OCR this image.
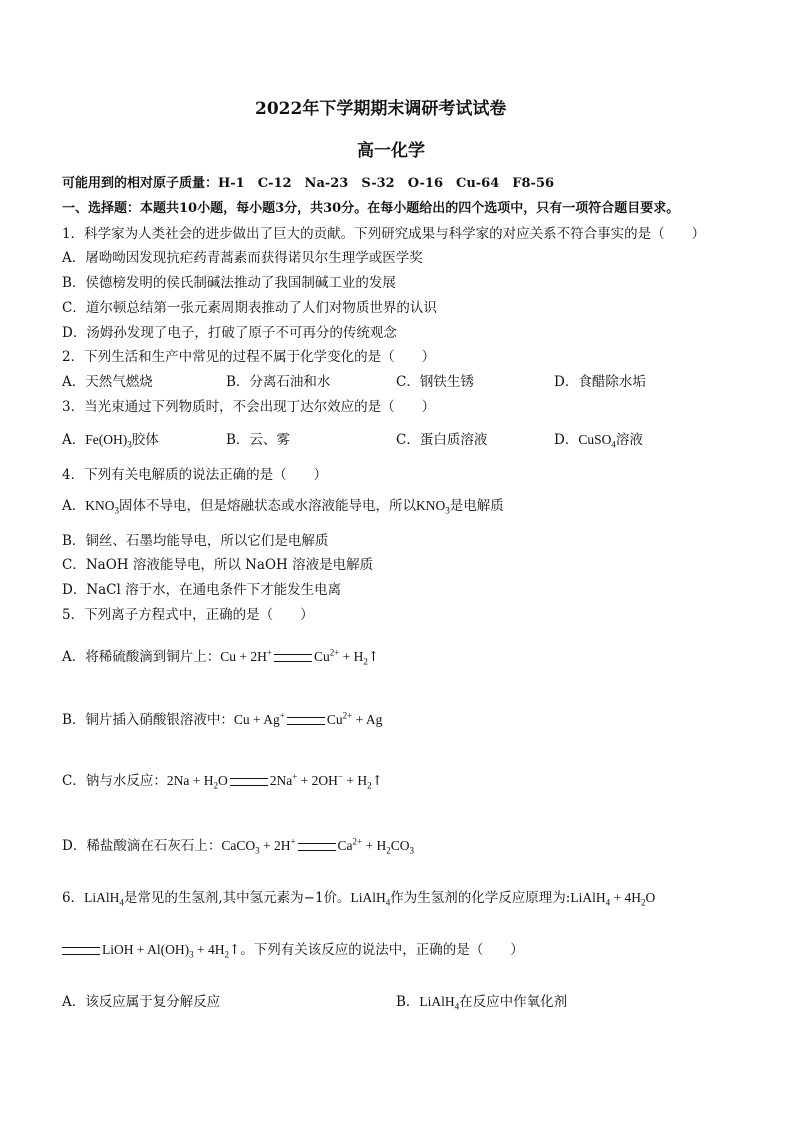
2022年下学期期末调研考试试卷
高一化学
可能用到的相对原子质量：H-1　C-12　Na-23　S-32　O-16　Cu-64　F8-56
一、选择题：本题共10小题，每小题3分，共30分。在每小题给出的四个选项中，只有一项符合题目要求。
1．科学家为人类社会的进步做出了巨大的贡献。下列研究成果与科学家的对应关系不符合事实的是（　　）
A．屠呦呦因发现抗疟药青蒿素而获得诺贝尔生理学或医学奖
B．侯德榜发明的侯氏制碱法推动了我国制碱工业的发展
C．道尔顿总结第一张元素周期表推动了人们对物质世界的认识
D．汤姆孙发现了电子，打破了原子不可再分的传统观念
2．下列生活和生产中常见的过程不属于化学变化的是（　　）
A．天然气燃烧	B．分离石油和水	C．钢铁生锈	D．食醋除水垢
3．当光束通过下列物质时，不会出现丁达尔效应的是（　　）
A．$Fe(OH)_3$胶体	B．云、雾	C．蛋白质溶液	D．CuSO$_4$溶液
4．下列有关电解质的说法正确的是（　　）
A．$KNO_3$固体不导电，但是熔融状态或水溶液能导电，所以$KNO_3$是电解质
B．铜丝、石墨均能导电，所以它们是电解质
C．NaOH 溶液能导电，所以 NaOH 溶液是电解质
D．NaCl 溶于水，在通电条件下才能发生电离
5．下列离子方程式中，正确的是（　　）
A．将稀硫酸滴到铜片上：Cu + 2H+	$Cu^{2+}$ + $H_2↑$
B．铜片插入硝酸银溶液中：Cu + Ag+	$Cu^{2+} + Ag$
C．钠与水反应：$2Na + H_2O$	$2Na^+ + 2OH^- + H_2↑$
D．稀盐酸滴在石灰石上：CaCO$_3$ + 2H+	$Ca^{2+} + H_2CO_3$
6．LiAlH$_4$是常见的生氢剂,其中氢元素为−1价。LiAlH$_4$作为生氢剂的化学反应原理为:LiAlH$_4$ + $4H_2O$
LiOH + $Al(OH)_3$ + $4H_2↑$。下列有关该反应的说法中，正确的是（　　）
A．该反应属于复分解反应	B．LiAlH$_4$在反应中作氧化剂
